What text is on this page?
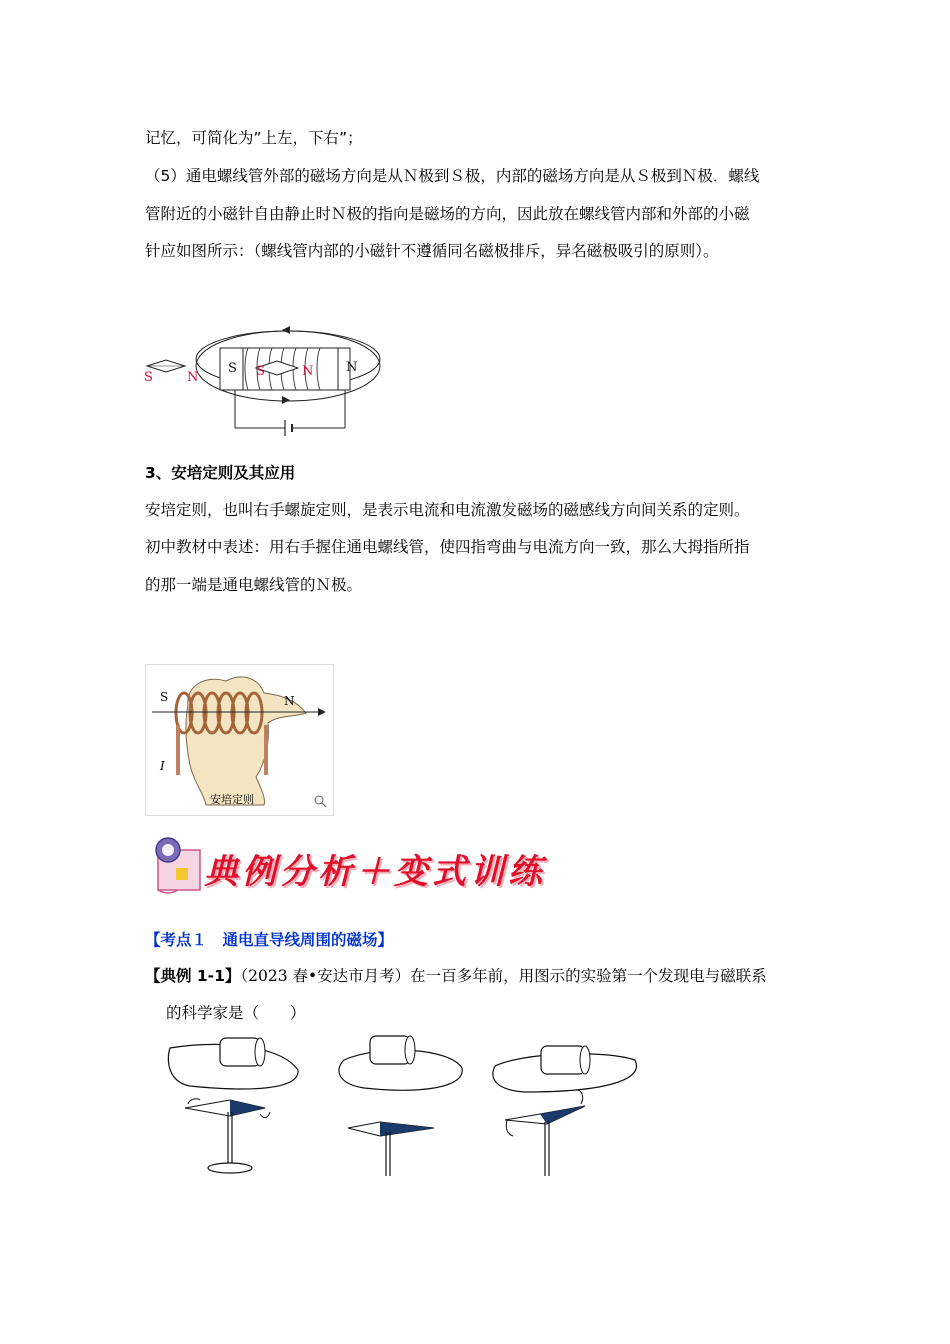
记忆，可简化为”上左，下右”；
（5）通电螺线管外部的磁场方向是从Ｎ极到Ｓ极，内部的磁场方向是从Ｓ极到Ｎ极．螺线
管附近的小磁针自由静止时Ｎ极的指向是磁场的方向，因此放在螺线管内部和外部的小磁
针应如图所示：（螺线管内部的小磁针不遵循同名磁极排斥，异名磁极吸引的原则）。
S	N
S S	N	N
3、安培定则及其应用
安培定则，也叫右手螺旋定则，是表示电流和电流激发磁场的磁感线方向间关系的定则。
初中教材中表述：用右手握住通电螺线管，使四指弯曲与电流方向一致，那么大拇指所指
的那一端是通电螺线管的Ｎ极。
S	N
I
安培定则
典例分析＋变式训练
【考点１　通电直导线周围的磁场】
【典例 1-1】（2023 春•安达市月考）在一百多年前，用图示的实验第一个发现电与磁联系
的科学家是（　　）
